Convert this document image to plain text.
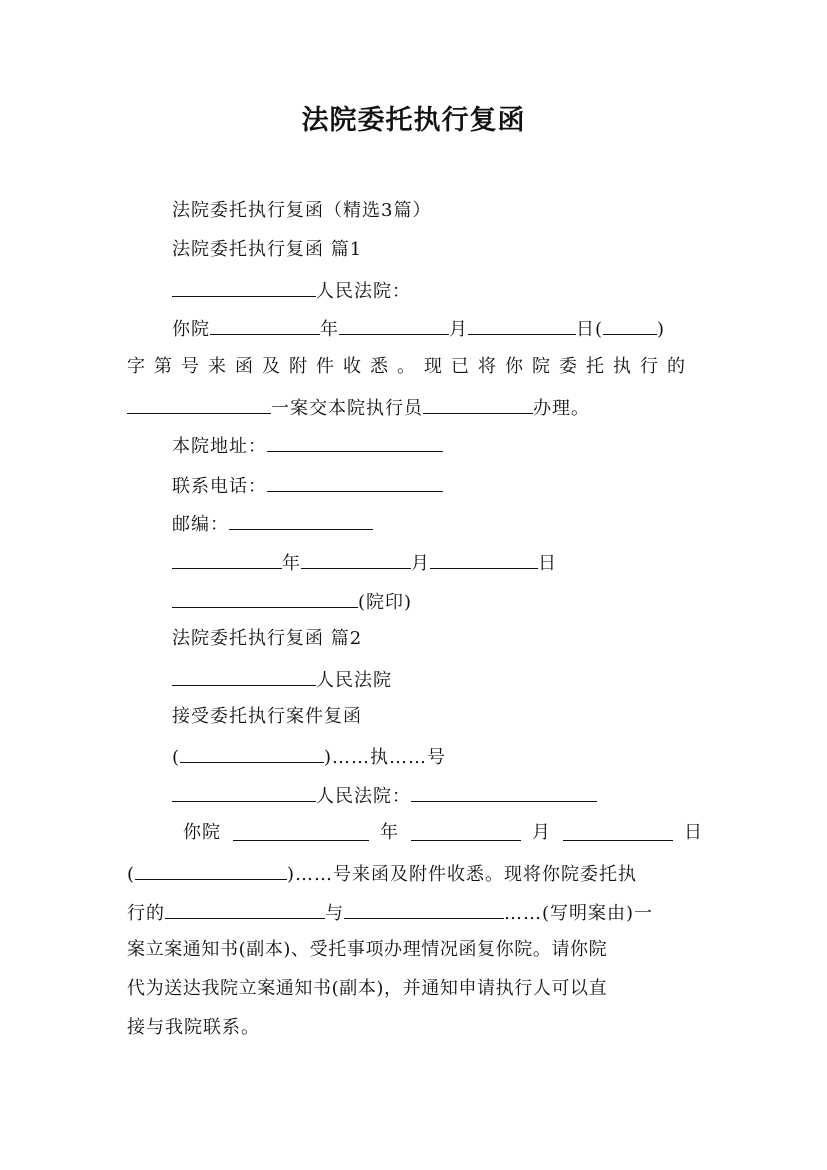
法院委托执行复函
法院委托执行复函（精选3篇）
法院委托执行复函 篇1
人民法院：
你院	年	月	日(	)
字第号来函及附件收悉。现已将你院委托执行的
一案交本院执行员	办理。
本院地址：
联系电话：
邮编：
年	月	日
(院印)
法院委托执行复函 篇2
人民法院
接受委托执行案件复函
(	)……执……号
人民法院：
你院	年	月	日
(	)……号来函及附件收悉。现将你院委托执
行的	与	……(写明案由)一
案立案通知书(副本)、受托事项办理情况函复你院。请你院
代为送达我院立案通知书(副本)，并通知申请执行人可以直
接与我院联系。
